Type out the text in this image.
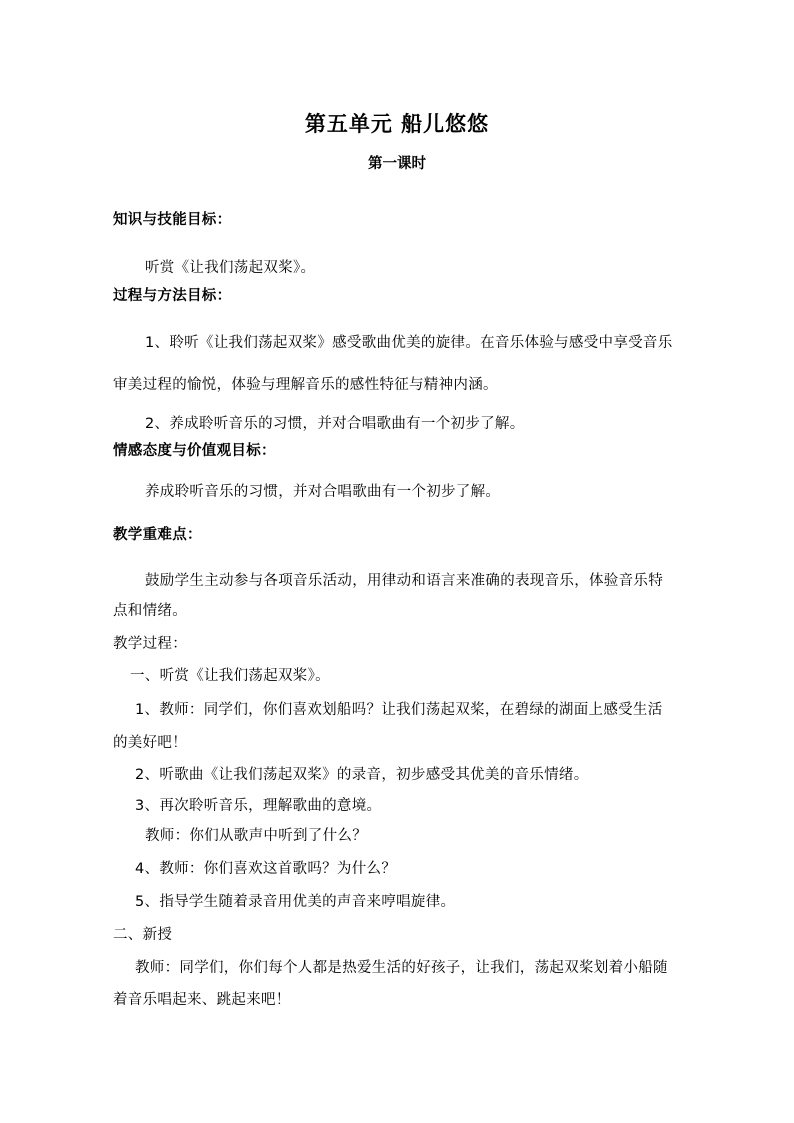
第五单元 船儿悠悠
第一课时
知识与技能目标：
听赏《让我们荡起双桨》。
过程与方法目标：
1、聆听《让我们荡起双桨》感受歌曲优美的旋律。在音乐体验与感受中享受音乐
审美过程的愉悦，体验与理解音乐的感性特征与精神内涵。
2、养成聆听音乐的习惯，并对合唱歌曲有一个初步了解。
情感态度与价值观目标：
养成聆听音乐的习惯，并对合唱歌曲有一个初步了解。
教学重难点：
鼓励学生主动参与各项音乐活动，用律动和语言来准确的表现音乐，体验音乐特
点和情绪。
教学过程：
一、听赏《让我们荡起双桨》。
1、教师：同学们，你们喜欢划船吗？让我们荡起双桨，在碧绿的湖面上感受生活
的美好吧！
2、听歌曲《让我们荡起双桨》的录音，初步感受其优美的音乐情绪。
3、再次聆听音乐，理解歌曲的意境。
教师：你们从歌声中听到了什么？
4、教师：你们喜欢这首歌吗？为什么？
5、指导学生随着录音用优美的声音来哼唱旋律。
二、新授
教师：同学们，你们每个人都是热爱生活的好孩子，让我们，荡起双桨划着小船随
着音乐唱起来、跳起来吧！
